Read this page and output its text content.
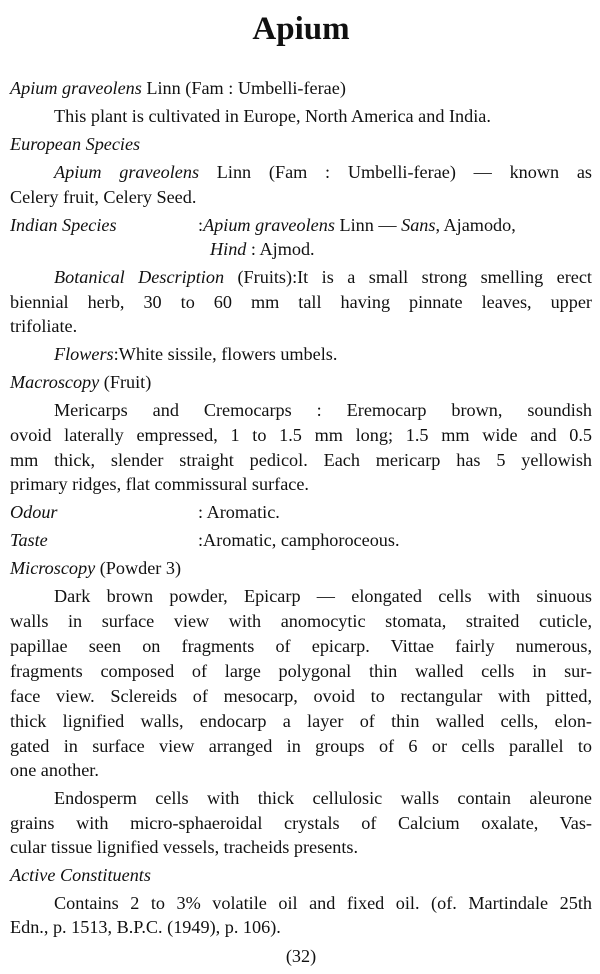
Apium
Apium graveolens Linn (Fam : Umbelli-ferae)
This plant is cultivated in Europe, North America and India.
European Species
Apium graveolens Linn (Fam : Umbelli-ferae) — known as
Celery fruit, Celery Seed.
Indian Species	:Apium graveolens Linn — Sans, Ajamodo,
Hind : Ajmod.
Botanical Description (Fruits):It is a small strong smelling erect
biennial herb, 30 to 60 mm tall having pinnate leaves, upper
trifoliate.
Flowers:White sissile, flowers umbels.
Macroscopy (Fruit)
Mericarps and Cremocarps : Eremocarp brown, soundish
ovoid laterally empressed, 1 to 1.5 mm long; 1.5 mm wide and 0.5
mm thick, slender straight pedicol. Each mericarp has 5 yellowish
primary ridges, flat commissural surface.
Odour	: Aromatic.
Taste	:Aromatic, camphoroceous.
Microscopy (Powder 3)
Dark brown powder, Epicarp — elongated cells with sinuous
walls in surface view with anomocytic stomata, straited cuticle,
papillae seen on fragments of epicarp. Vittae fairly numerous,
fragments composed of large polygonal thin walled cells in sur-
face view. Sclereids of mesocarp, ovoid to rectangular with pitted,
thick lignified walls, endocarp a layer of thin walled cells, elon-
gated in surface view arranged in groups of 6 or cells parallel to
one another.
Endosperm cells with thick cellulosic walls contain aleurone
grains with micro-sphaeroidal crystals of Calcium oxalate, Vas-
cular tissue lignified vessels, tracheids presents.
Active Constituents
Contains 2 to 3% volatile oil and fixed oil. (of. Martindale 25th
Edn., p. 1513, B.P.C. (1949), p. 106).
(32)
